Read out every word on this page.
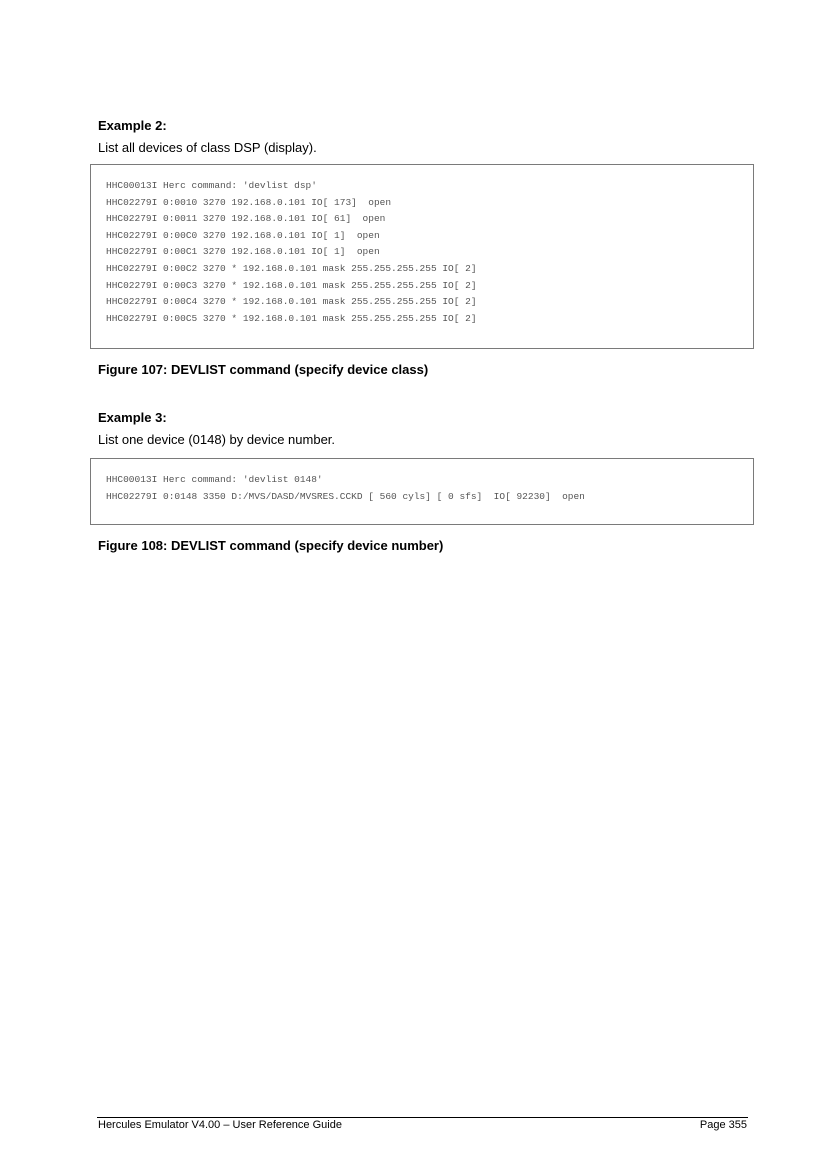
Example 2:

List all devices of class DSP (display).

HHC00013I Herc command: 'devlist dsp'
HHC02279I 0:0010 3270 192.168.0.101 IO[ 173]  open
HHC02279I 0:0011 3270 192.168.0.101 IO[ 61]  open
HHC02279I 0:00C0 3270 192.168.0.101 IO[ 1]  open
HHC02279I 0:00C1 3270 192.168.0.101 IO[ 1]  open
HHC02279I 0:00C2 3270 * 192.168.0.101 mask 255.255.255.255 IO[ 2]
HHC02279I 0:00C3 3270 * 192.168.0.101 mask 255.255.255.255 IO[ 2]
HHC02279I 0:00C4 3270 * 192.168.0.101 mask 255.255.255.255 IO[ 2]
HHC02279I 0:00C5 3270 * 192.168.0.101 mask 255.255.255.255 IO[ 2]

Figure 107: DEVLIST command (specify device class)

Example 3:

List one device (0148) by device number.

HHC00013I Herc command: 'devlist 0148'
HHC02279I 0:0148 3350 D:/MVS/DASD/MVSRES.CCKD [ 560 cyls] [ 0 sfs]  IO[ 92230]  open

Figure 108: DEVLIST command (specify device number)

Hercules Emulator V4.00 – User Reference Guide	Page 355
